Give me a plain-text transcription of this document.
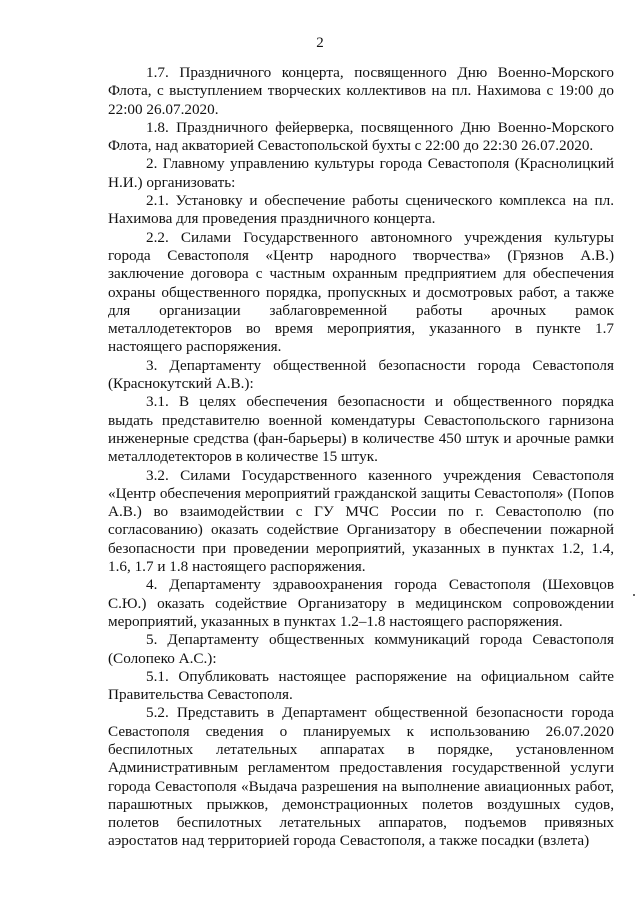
2

1.7. Праздничного концерта, посвященного Дню Военно-Морского Флота, с выступлением творческих коллективов на пл. Нахимова с 19:00 до 22:00 26.07.2020.

1.8. Праздничного фейерверка, посвященного Дню Военно-Морского Флота, над акваторией Севастопольской бухты с 22:00 до 22:30 26.07.2020.

2. Главному управлению культуры города Севастополя (Краснолицкий Н.И.) организовать:

2.1. Установку и обеспечение работы сценического комплекса на пл. Нахимова для проведения праздничного концерта.

2.2. Силами Государственного автономного учреждения культуры города Севастополя «Центр народного творчества» (Грязнов А.В.) заключение договора с частным охранным предприятием для обеспечения охраны общественного порядка, пропускных и досмотровых работ, а также для организации заблаговременной работы арочных рамок металлодетекторов во время мероприятия, указанного в пункте 1.7 настоящего распоряжения.

3. Департаменту общественной безопасности города Севастополя (Краснокутский А.В.):

3.1. В целях обеспечения безопасности и общественного порядка выдать представителю военной комендатуры Севастопольского гарнизона инженерные средства (фан-барьеры) в количестве 450 штук и арочные рамки металлодетекторов в количестве 15 штук.

3.2. Силами Государственного казенного учреждения Севастополя «Центр обеспечения мероприятий гражданской защиты Севастополя» (Попов А.В.) во взаимодействии с ГУ МЧС России по г. Севастополю (по согласованию) оказать содействие Организатору в обеспечении пожарной безопасности при проведении мероприятий, указанных в пунктах 1.2, 1.4, 1.6, 1.7 и 1.8 настоящего распоряжения.

4. Департаменту здравоохранения города Севастополя (Шеховцов С.Ю.) оказать содействие Организатору в медицинском сопровождении мероприятий, указанных в пунктах 1.2–1.8 настоящего распоряжения.

5. Департаменту общественных коммуникаций города Севастополя (Солопеко А.С.):

5.1. Опубликовать настоящее распоряжение на официальном сайте Правительства Севастополя.

5.2. Представить в Департамент общественной безопасности города Севастополя сведения о планируемых к использованию 26.07.2020 беспилотных летательных аппаратах в порядке, установленном Административным регламентом предоставления государственной услуги города Севастополя «Выдача разрешения на выполнение авиационных работ, парашютных прыжков, демонстрационных полетов воздушных судов, полетов беспилотных летательных аппаратов, подъемов привязных аэростатов над территорией города Севастополя, а также посадки (взлета)
